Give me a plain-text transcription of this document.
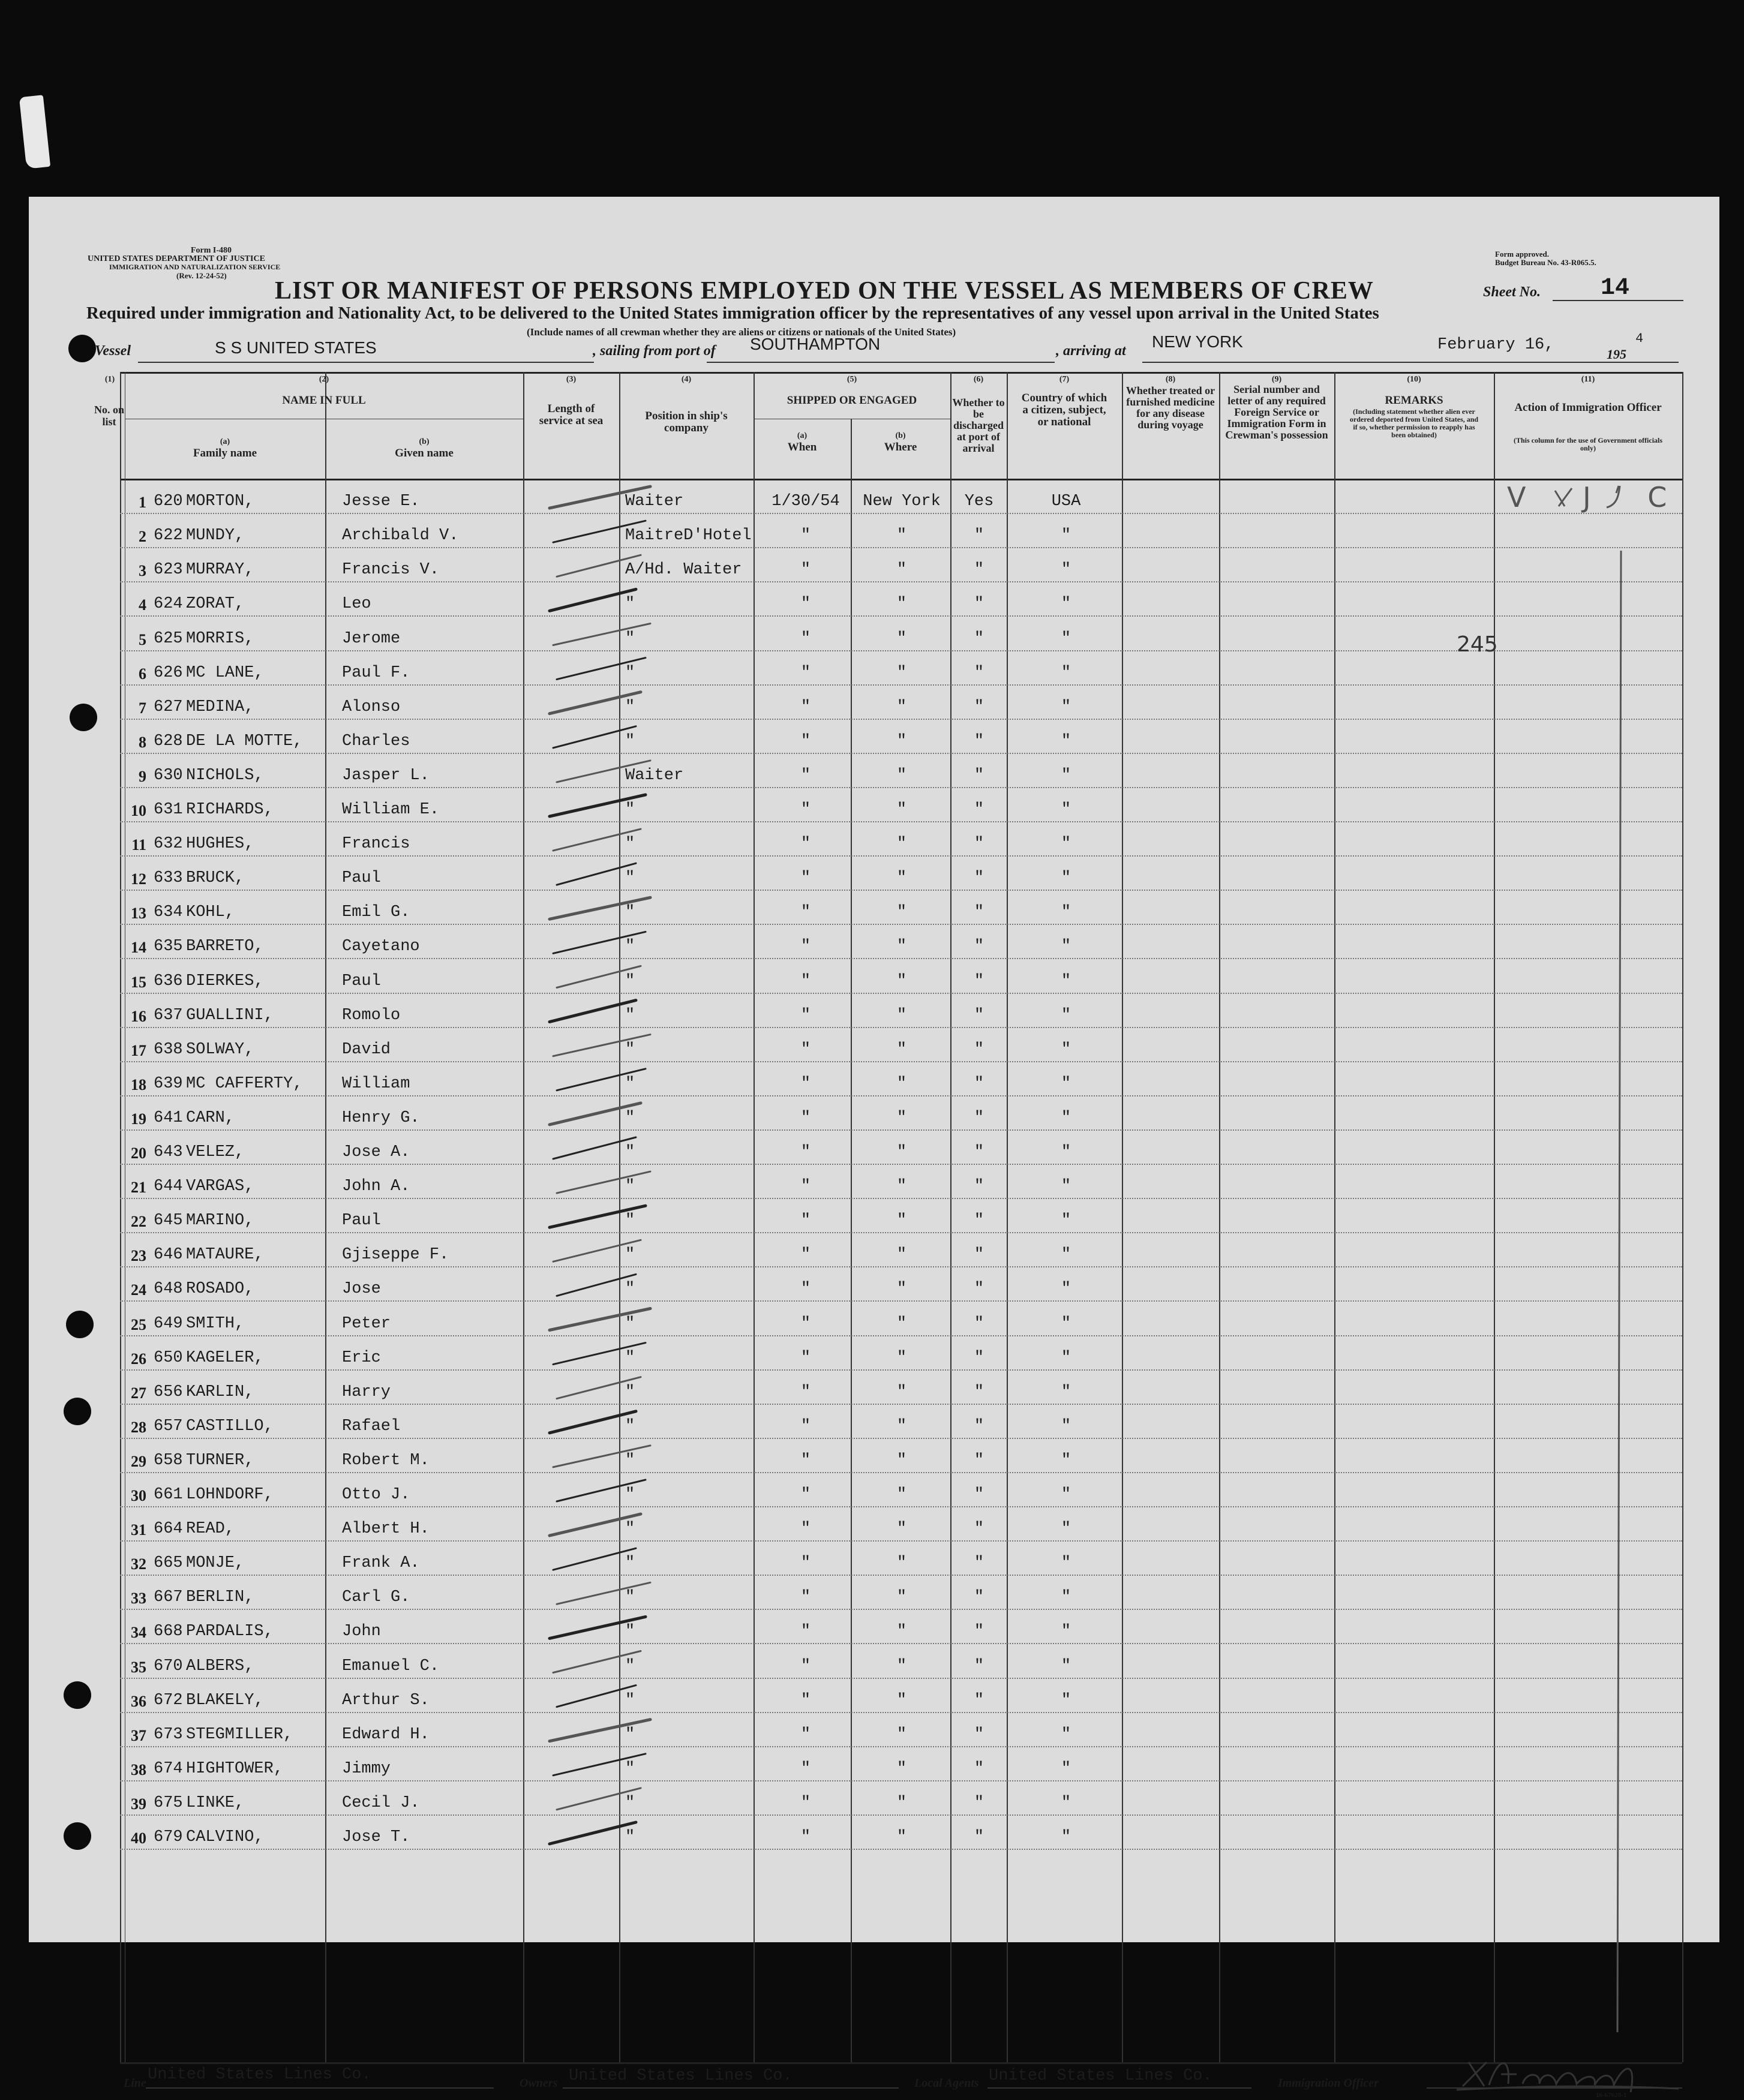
Form I-480
UNITED STATES DEPARTMENT OF JUSTICE
IMMIGRATION AND NATURALIZATION SERVICE
(Rev. 12-24-52)
Form approved.
Budget Bureau No. 43-R065.5.
LIST OR MANIFEST OF PERSONS EMPLOYED ON THE VESSEL AS MEMBERS OF CREW	Sheet No.	14
Required under immigration and Nationality Act, to be delivered to the United States immigration officer by the representatives of any vessel upon arrival in the United States
(Include names of all crewman whether they are aliens or citizens or nationals of the United States)
Vessel	S S UNITED STATES	, sailing from port of SOUTHAMPTON	, arriving at NEW YORK	February 16,
195
4
(1)
No. on list
(2)
NAME IN FULL
(a)
Family name
(b)
Given name
(3)
Length of service at sea
(4)
Position in ship's company
(5)
SHIPPED OR ENGAGED
(a)
When
(b)
Where
(6)
Whether to be discharged at port of arrival
(7)
Country of which a citizen, subject, or national
(8)
Whether treated or furnished medicine for any disease during voyage
(9)
Serial number and letter of any required Foreign Service or Immigration Form in Crewman's possession
(10)
REMARKS
(Including statement whether alien ever ordered deported from United States, and if so, whether permission to reapply has been obtained)
(11)
Action of Immigration Officer
(This column for the use of Government officials only)
1 620 MORTON,	Jesse E.	Waiter	1/30/54	New York	Yes	USA
2 622 MUNDY,	Archibald V.	MaitreD'Hotel	"	"	"	"
3 623 MURRAY,	Francis V.	A/Hd. Waiter	"	"	"	"
4 624 ZORAT,	Leo	"	"	"	"	"
5 625 MORRIS,	Jerome	"	"	"	"	"
6 626 MC LANE,	Paul F.	"	"	"	"	"
7 627 MEDINA,	Alonso	"	"	"	"	"
8 628 DE LA MOTTE,	Charles	"	"	"	"	"
9 630 NICHOLS,	Jasper L.	Waiter	"	"	"	"
10 631 RICHARDS,	William E.	"	"	"	"	"
11 632 HUGHES,	Francis	"	"	"	"	"
12 633 BRUCK,	Paul	"	"	"	"	"
13 634 KOHL,	Emil G.	"	"	"	"	"
14 635 BARRETO,	Cayetano	"	"	"	"	"
15 636 DIERKES,	Paul	"	"	"	"	"
16 637 GUALLINI,	Romolo	"	"	"	"	"
17 638 SOLWAY,	David	"	"	"	"	"
18 639 MC CAFFERTY,	William	"	"	"	"	"
19 641 CARN,	Henry G.	"	"	"	"	"
20 643 VELEZ,	Jose A.	"	"	"	"	"
21 644 VARGAS,	John A.	"	"	"	"	"
22 645 MARINO,	Paul	"	"	"	"	"
23 646 MATAURE,	Gjiseppe F.	"	"	"	"	"
24 648 ROSADO,	Jose	"	"	"	"	"
25 649 SMITH,	Peter	"	"	"	"	"
26 650 KAGELER,	Eric	"	"	"	"	"
27 656 KARLIN,	Harry	"	"	"	"	"
28 657 CASTILLO,	Rafael	"	"	"	"	"
29 658 TURNER,	Robert M.	"	"	"	"	"
30 661 LOHNDORF,	Otto J.	"	"	"	"	"
31 664 READ,	Albert H.	"	"	"	"	"
32 665 MONJE,	Frank A.	"	"	"	"	"
33 667 BERLIN,	Carl G.	"	"	"	"	"
34 668 PARDALIS,	John	"	"	"	"	"
35 670 ALBERS,	Emanuel C.	"	"	"	"	"
36 672 BLAKELY,	Arthur S.	"	"	"	"	"
37 673 STEGMILLER,	Edward H.	"	"	"	"	"
38 674 HIGHTOWER,	Jimmy	"	"	"	"	"
39 675 LINKE,	Cecil J.	"	"	"	"	"
40 679 CALVINO,	Jose T.	"	"	"	"	"
V J C
245
Line United States Lines Co.	Owners United States Lines Co.	Local Agents United States Lines Co.	Immigration Officer
16-67620-1
